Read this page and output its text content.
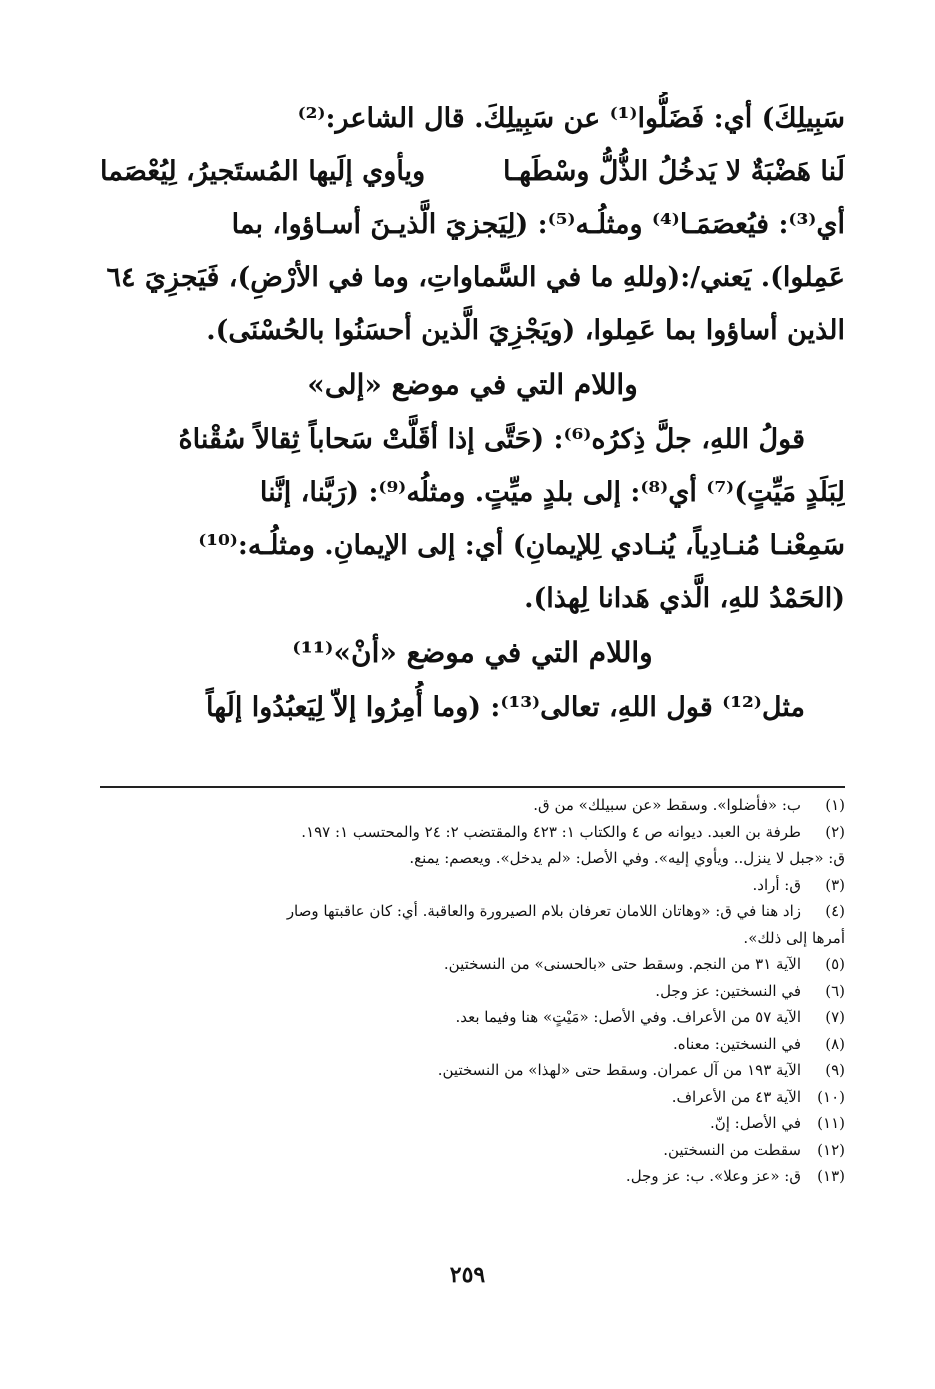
سَبِيلِكَ) أي: فَضَلُّوا⁽¹⁾ عن سَبِيلِكَ. قال الشاعر:⁽²⁾
لَنا هَضْبَةٌ لا يَدخُلُ الذُّلُّ وسْطَهـا
ويأوي إلَيها المُستَجيرُ، لِيُعْصَما
أي⁽³⁾: فيُعصَمَـا⁽⁴⁾ ومثلُـه⁽⁵⁾: (لِيَجزيَ الَّذيـنَ أسـاؤوا، بما
عَمِلوا). يَعني/:(وللهِ ما في السَّماواتِ، وما في الأرْضِ)، فَيَجزِيَ ٦٤
الذين أساؤوا بما عَمِلوا، (ويَجْزِيَ الَّذين أحسَنُوا بالحُسْنَى).
واللام التي في موضع «إلى»
قولُ اللهِ، جلَّ ذِكرُه⁽⁶⁾: (حَتَّى إذا أقَلَّتْ سَحاباً ثِقالاً سُقْناهُ
لِبَلَدٍ مَيِّتٍ)⁽⁷⁾ أي⁽⁸⁾: إلى بلدٍ ميِّتٍ. ومثلُه⁽⁹⁾: (رَبَّنا، إنَّنا
سَمِعْنـا مُنـادِياً، يُنـادي لِلإيمانِ) أي: إلى الإيمانِ. ومثلُـه:⁽¹⁰⁾
(الحَمْدُ للهِ، الَّذي هَدانا لِهذا).
واللام التي في موضع «أنْ»⁽¹¹⁾
مثل⁽¹²⁾ قول اللهِ، تعالى⁽¹³⁾: (وما أُمِرُوا إلاّ لِيَعبُدُوا إلَهاً
(١)
ب: «فأضلوا». وسقط «عن سبيلك» من ق.
(٢)
طرفة بن العبد. ديوانه ص ٤ والكتاب ١: ٤٢٣ والمقتضب ٢: ٢٤ والمحتسب ١: ١٩٧.
ق: «جبل لا ينزل.. ويأوي إليه». وفي الأصل: «لم يدخل». ويعصم: يمنع.
(٣)
ق: أراد.
(٤)
زاد هنا في ق: «وهاتان اللامان تعرفان بلام الصيرورة والعاقبة. أي: كان عاقبتها وصار
أمرها إلى ذلك».
(٥)
الآية ٣١ من النجم. وسقط حتى «بالحسنى» من النسختين.
(٦)
في النسختين: عز وجل.
(٧)
الآية ٥٧ من الأعراف. وفي الأصل: «مَيْتٍ» هنا وفيما بعد.
(٨)
في النسختين: معناه.
(٩)
الآية ١٩٣ من آل عمران. وسقط حتى «لهذا» من النسختين.
(١٠)
الآية ٤٣ من الأعراف.
(١١)
في الأصل: إنّ.
(١٢)
سقطت من النسختين.
(١٣)
ق: «عز وعلا». ب: عز وجل.
٢٥٩
